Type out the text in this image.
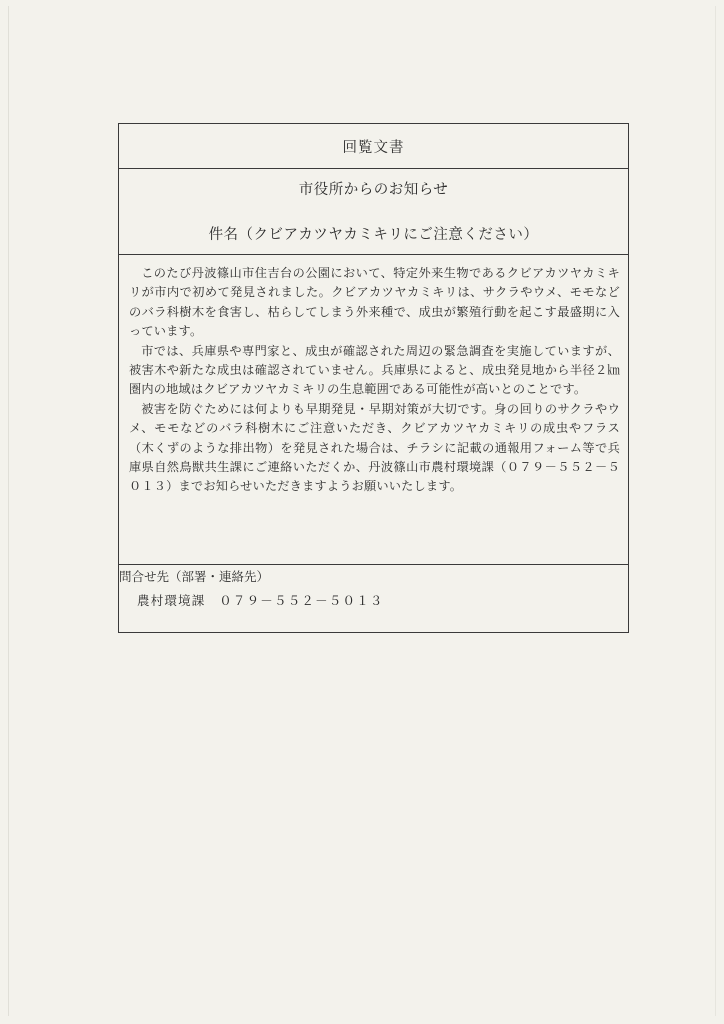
回覧文書
市役所からのお知らせ
件名（クビアカツヤカミキリにご注意ください）

このたび丹波篠山市住吉台の公園において、特定外来生物であるクビアカツヤカミキリが市内で初めて発見されました。クビアカツヤカミキリは、サクラやウメ、モモなどのバラ科樹木を食害し、枯らしてしまう外来種で、成虫が繁殖行動を起こす最盛期に入っています。

市では、兵庫県や専門家と、成虫が確認された周辺の緊急調査を実施していますが、被害木や新たな成虫は確認されていません。兵庫県によると、成虫発見地から半径２㎞圏内の地域はクビアカツヤカミキリの生息範囲である可能性が高いとのことです。

被害を防ぐためには何よりも早期発見・早期対策が大切です。身の回りのサクラやウメ、モモなどのバラ科樹木にご注意いただき、クビアカツヤカミキリの成虫やフラス（木くずのような排出物）を発見された場合は、チラシに記載の通報用フォーム等で兵庫県自然鳥獣共生課にご連絡いただくか、丹波篠山市農村環境課（０７９－５５２－５０１３）までお知らせいただきますようお願いいたします。

問合せ先（部署・連絡先）
農村環境課　０７９－５５２－５０１３
